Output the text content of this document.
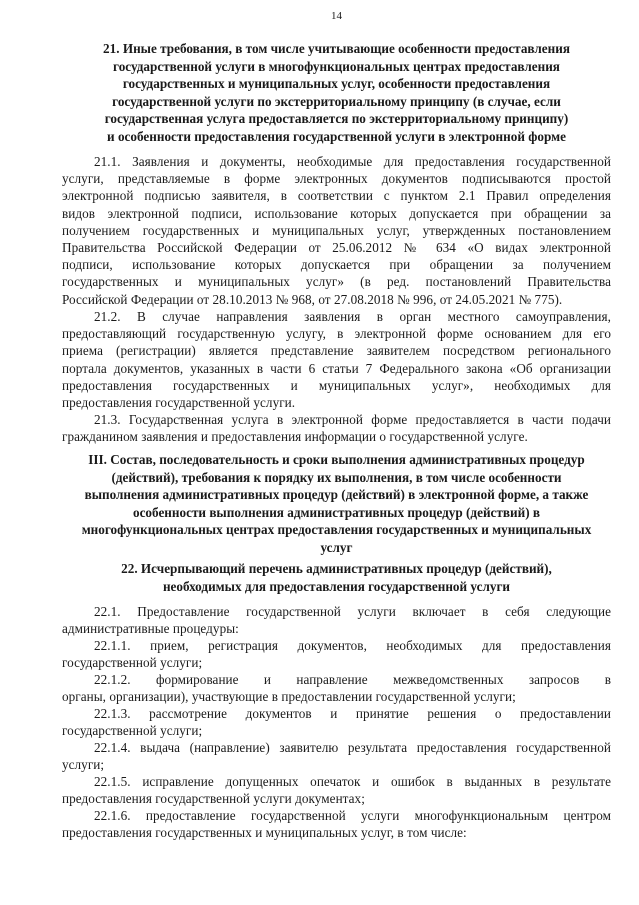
14
21. Иные требования, в том числе учитывающие особенности предоставления
государственной услуги в многофункциональных центрах предоставления
государственных и муниципальных услуг, особенности предоставления
государственной услуги по экстерриториальному принципу (в случае, если
государственная услуга предоставляется по экстерриториальному принципу)
и особенности предоставления государственной услуги в электронной форме
21.1. Заявления и документы, необходимые для предоставления государственной
услуги, представляемые в форме электронных документов подписываются простой
электронной подписью заявителя, в соответствии с пунктом 2.1 Правил определения
видов электронной подписи, использование которых допускается при обращении за
получением государственных и муниципальных услуг, утвержденных постановлением
Правительства Российской Федерации от 25.06.2012 № 634 «О видах электронной
подписи, использование которых допускается при обращении за получением
государственных и муниципальных услуг» (в ред. постановлений Правительства
Российской Федерации от 28.10.2013 № 968, от 27.08.2018 № 996, от 24.05.2021 № 775).
21.2. В случае направления заявления в орган местного самоуправления,
предоставляющий государственную услугу, в электронной форме основанием для его
приема (регистрации) является представление заявителем посредством регионального
портала документов, указанных в части 6 статьи 7 Федерального закона «Об организации
предоставления государственных и муниципальных услуг», необходимых для
предоставления государственной услуги.
21.3. Государственная услуга в электронной форме предоставляется в части подачи
гражданином заявления и предоставления информации о государственной услуге.
III. Состав, последовательность и сроки выполнения административных процедур
(действий), требования к порядку их выполнения, в том числе особенности
выполнения административных процедур (действий) в электронной форме, а также
особенности выполнения административных процедур (действий) в
многофункциональных центрах предоставления государственных и муниципальных
услуг
22. Исчерпывающий перечень административных процедур (действий),
необходимых для предоставления государственной услуги
22.1. Предоставление государственной услуги включает в себя следующие
административные процедуры:
22.1.1. прием, регистрация документов, необходимых для предоставления
государственной услуги;
22.1.2. формирование и направление межведомственных запросов в
органы, организации), участвующие в предоставлении государственной услуги;
22.1.3. рассмотрение документов и принятие решения о предоставлении
государственной услуги;
22.1.4. выдача (направление) заявителю результата предоставления государственной
услуги;
22.1.5. исправление допущенных опечаток и ошибок в выданных в результате
предоставления государственной услуги документах;
22.1.6. предоставление государственной услуги многофункциональным центром
предоставления государственных и муниципальных услуг, в том числе:
